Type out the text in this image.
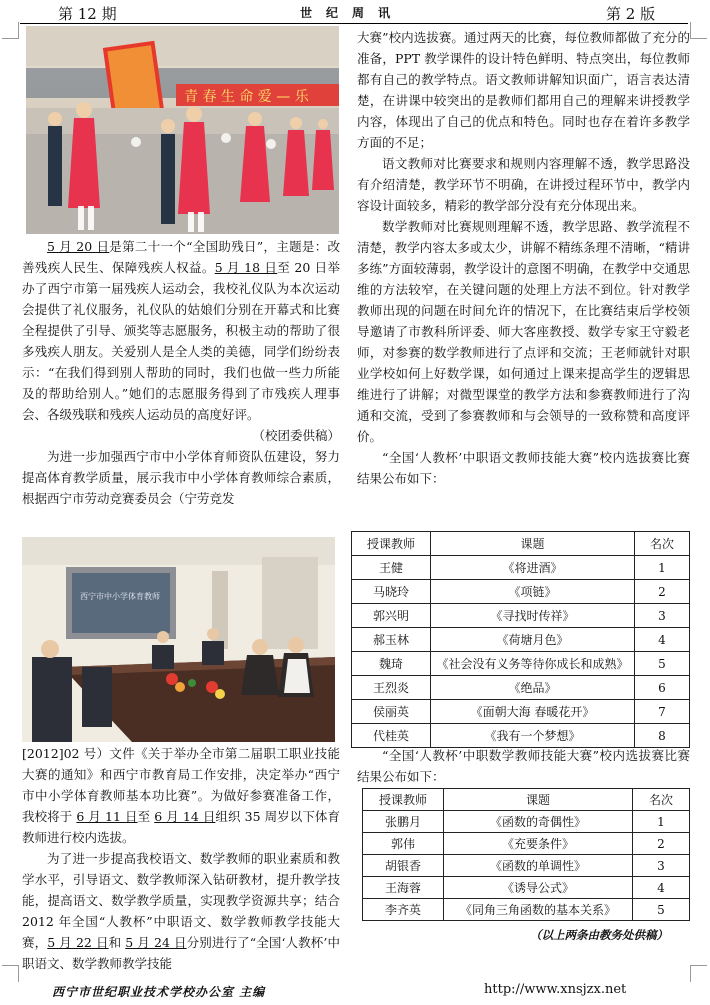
第 12 期	世纪周讯	第 2 版
青 春 生 命 爱 — 乐

5 月 20 日是第二十一个“全国助残日”，主题是：改善残疾人民生、保障残疾人权益。5 月 18 日至 20 日举办了西宁市第一届残疾人运动会，我校礼仪队为本次运动会提供了礼仪服务，礼仪队的姑娘们分别在开幕式和比赛全程提供了引导、颁奖等志愿服务，积极主动的帮助了很多残疾人朋友。关爱别人是全人类的美德，同学们纷纷表示：“在我们得到别人帮助的同时，我们也做一些力所能及的帮助给别人。”她们的志愿服务得到了市残疾人理事会、各级残联和残疾人运动员的高度好评。

（校团委供稿）

为进一步加强西宁市中小学体育师资队伍建设，努力提高体育教学质量，展示我市中小学体育教师综合素质，根据西宁市劳动竞赛委员会（宁劳竞发

西宁市中小学体育教师

[2012]02 号）文件《关于举办全市第二届职工职业技能大赛的通知》和西宁市教育局工作安排，决定举办“西宁市中小学体育教师基本功比赛”。为做好参赛准备工作，我校将于 6 月 11 日至 6 月 14 日组织 35 周岁以下体育教师进行校内选拔。

为了进一步提高我校语文、数学教师的职业素质和教学水平，引导语文、数学教师深入钻研教材，提升教学技能，提高语文、数学教学质量，实现教学资源共享；结合 2012 年全国“人教杯”中职语文、数学教师教学技能大赛，5 月 22 日和 5 月 24 日分别进行了“全国‘人教杯’中职语文、数学教师教学技能

大赛”校内选拔赛。通过两天的比赛，每位教师都做了充分的准备，PPT 教学课件的设计特色鲜明、特点突出，每位教师都有自己的教学特点。语文教师讲解知识面广，语言表达清楚，在讲课中较突出的是教师们都用自己的理解来讲授教学内容，体现出了自己的优点和特色。同时也存在着许多教学方面的不足；

语文教师对比赛要求和规则内容理解不透，教学思路没有介绍清楚，教学环节不明确，在讲授过程环节中，教学内容设计面较多，精彩的教学部分没有充分体现出来。

数学教师对比赛规则理解不透，教学思路、教学流程不清楚，教学内容太多或太少，讲解不精练条理不清晰，“精讲多练”方面较薄弱，教学设计的意图不明确，在教学中交通思维的方法较窄，在关键问题的处理上方法不到位。针对教学教师出现的问题在时间允许的情况下，在比赛结束后学校领导邀请了市教科所评委、师大客座教授、数学专家王守毅老师，对参赛的数学教师进行了点评和交流；王老师就针对职业学校如何上好数学课，如何通过上课来提高学生的逻辑思维进行了讲解；对微型课堂的教学方法和参赛教师进行了沟通和交流，受到了参赛教师和与会领导的一致称赞和高度评价。

“全国‘人教杯’中职语文教师技能大赛”校内选拔赛比赛结果公布如下：

授课教师	课题	名次
王健	《将进酒》	1
马晓玲	《项链》	2
郭兴明	《寻找时传祥》	3
郝玉林	《荷塘月色》	4
魏琦	《社会没有义务等待你成长和成熟》	5
王烈炎	《绝品》	6
侯丽英	《面朝大海 春暖花开》	7
代桂英	《我有一个梦想》	8

“全国‘人教杯’中职数学教师技能大赛”校内选拔赛比赛结果公布如下：

授课教师	课题	名次
张鹏月	《函数的奇偶性》	1
郭伟	《充要条件》	2
胡银香	《函数的单调性》	3
王海蓉	《诱导公式》	4
李齐英	《同角三角函数的基本关系》	5
（以上两条由教务处供稿）
西宁市世纪职业技术学校办公室 主编	http://www.xnsjzx.net
